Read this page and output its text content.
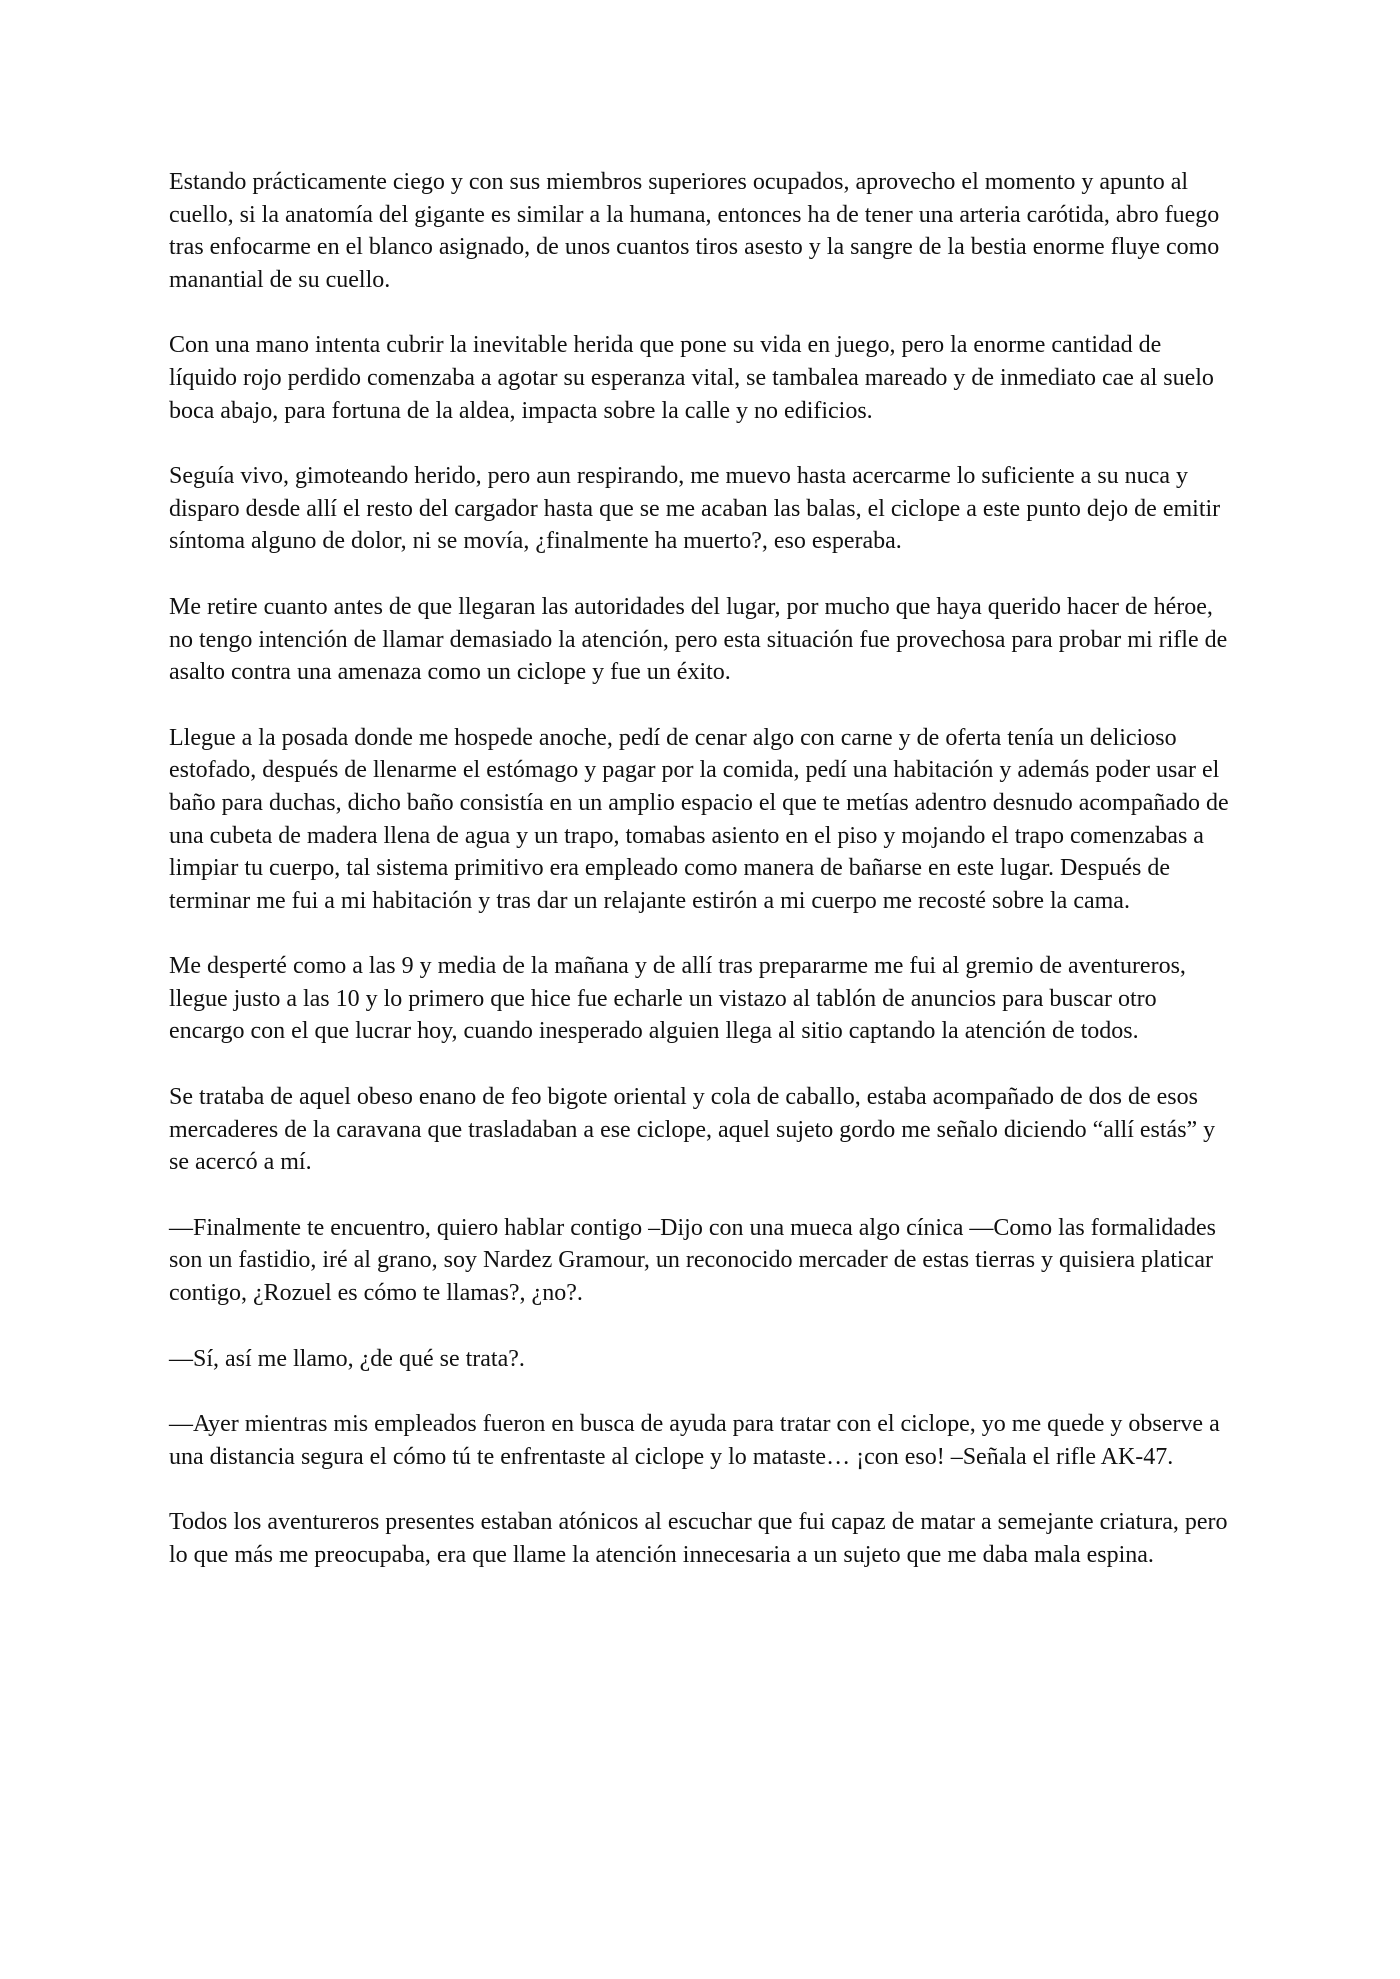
Estando prácticamente ciego y con sus miembros superiores ocupados, aprovecho el momento y apunto al cuello, si la anatomía del gigante es similar a la humana, entonces ha de tener una arteria carótida, abro fuego tras enfocarme en el blanco asignado, de unos cuantos tiros asesto y la sangre de la bestia enorme fluye como manantial de su cuello.

Con una mano intenta cubrir la inevitable herida que pone su vida en juego, pero la enorme cantidad de líquido rojo perdido comenzaba a agotar su esperanza vital, se tambalea mareado y de inmediato cae al suelo boca abajo, para fortuna de la aldea, impacta sobre la calle y no edificios.

Seguía vivo, gimoteando herido, pero aun respirando, me muevo hasta acercarme lo suficiente a su nuca y disparo desde allí el resto del cargador hasta que se me acaban las balas, el ciclope a este punto dejo de emitir síntoma alguno de dolor, ni se movía, ¿finalmente ha muerto?, eso esperaba.

Me retire cuanto antes de que llegaran las autoridades del lugar, por mucho que haya querido hacer de héroe, no tengo intención de llamar demasiado la atención, pero esta situación fue provechosa para probar mi rifle de asalto contra una amenaza como un ciclope y fue un éxito.

Llegue a la posada donde me hospede anoche, pedí de cenar algo con carne y de oferta tenía un delicioso estofado, después de llenarme el estómago y pagar por la comida, pedí una habitación y además poder usar el baño para duchas, dicho baño consistía en un amplio espacio el que te metías adentro desnudo acompañado de una cubeta de madera llena de agua y un trapo, tomabas asiento en el piso y mojando el trapo comenzabas a limpiar tu cuerpo, tal sistema primitivo era empleado como manera de bañarse en este lugar. Después de terminar me fui a mi habitación y tras dar un relajante estirón a mi cuerpo me recosté sobre la cama.

Me desperté como a las 9 y media de la mañana y de allí tras prepararme me fui al gremio de aventureros, llegue justo a las 10 y lo primero que hice fue echarle un vistazo al tablón de anuncios para buscar otro encargo con el que lucrar hoy, cuando inesperado alguien llega al sitio captando la atención de todos.

Se trataba de aquel obeso enano de feo bigote oriental y cola de caballo, estaba acompañado de dos de esos mercaderes de la caravana que trasladaban a ese ciclope, aquel sujeto gordo me señalo diciendo “allí estás” y se acercó a mí.

—Finalmente te encuentro, quiero hablar contigo –Dijo con una mueca algo cínica —Como las formalidades son un fastidio, iré al grano, soy Nardez Gramour, un reconocido mercader de estas tierras y quisiera platicar contigo, ¿Rozuel es cómo te llamas?, ¿no?.

—Sí, así me llamo, ¿de qué se trata?.

—Ayer mientras mis empleados fueron en busca de ayuda para tratar con el ciclope, yo me quede y observe a una distancia segura el cómo tú te enfrentaste al ciclope y lo mataste… ¡con eso! –Señala el rifle AK-47.

Todos los aventureros presentes estaban atónicos al escuchar que fui capaz de matar a semejante criatura, pero lo que más me preocupaba, era que llame la atención innecesaria a un sujeto que me daba mala espina.
